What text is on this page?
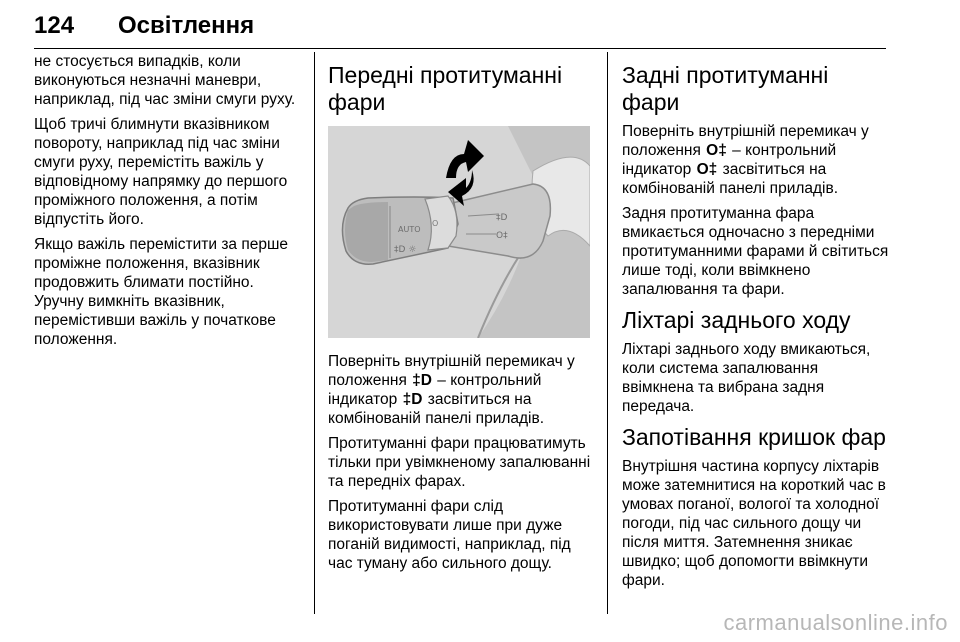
124 Освітлення

не стосується випадків, коли виконуються незначні маневри, наприклад, під час зміни смуги руху.

Щоб тричі блимнути вказівником повороту, наприклад під час зміни смуги руху, перемістіть важіль у відповідному напрямку до першого проміжного положення, а потім відпустіть його.

Якщо важіль перемістити за перше проміжне положення, вказівник продовжить блимати постійно. Уручну вимкніть вказівник, перемістивши важіль у початкове положення.

Передні протитуманні фари
AUTO
‡D ☼
O
‡D
O‡

Поверніть внутрішній перемикач у положення ‡D – контрольний індикатор ‡D засвітиться на комбінованій панелі приладів.

Протитуманні фари працюватимуть тільки при увімкненому запалюванні та передніх фарах.

Протитуманні фари слід використовувати лише при дуже поганій видимості, наприклад, під час туману або сильного дощу.

Задні протитуманні фари

Поверніть внутрішній перемикач у положення O‡ – контрольний індикатор O‡ засвітиться на комбінованій панелі приладів.

Задня протитуманна фара вмикається одночасно з передніми протитуманними фарами й світиться лише тоді, коли ввімкнено запалювання та фари.

Ліхтарі заднього ходу

Ліхтарі заднього ходу вмикаються, коли система запалювання ввімкнена та вибрана задня передача.

Запотівання кришок фар

Внутрішня частина корпусу ліхтарів може затемнитися на короткий час в умовах поганої, вологої та холодної погоди, під час сильного дощу чи після миття. Затемнення зникає швидко; щоб допомогти ввімкнути фари.

carmanualsonline.info
